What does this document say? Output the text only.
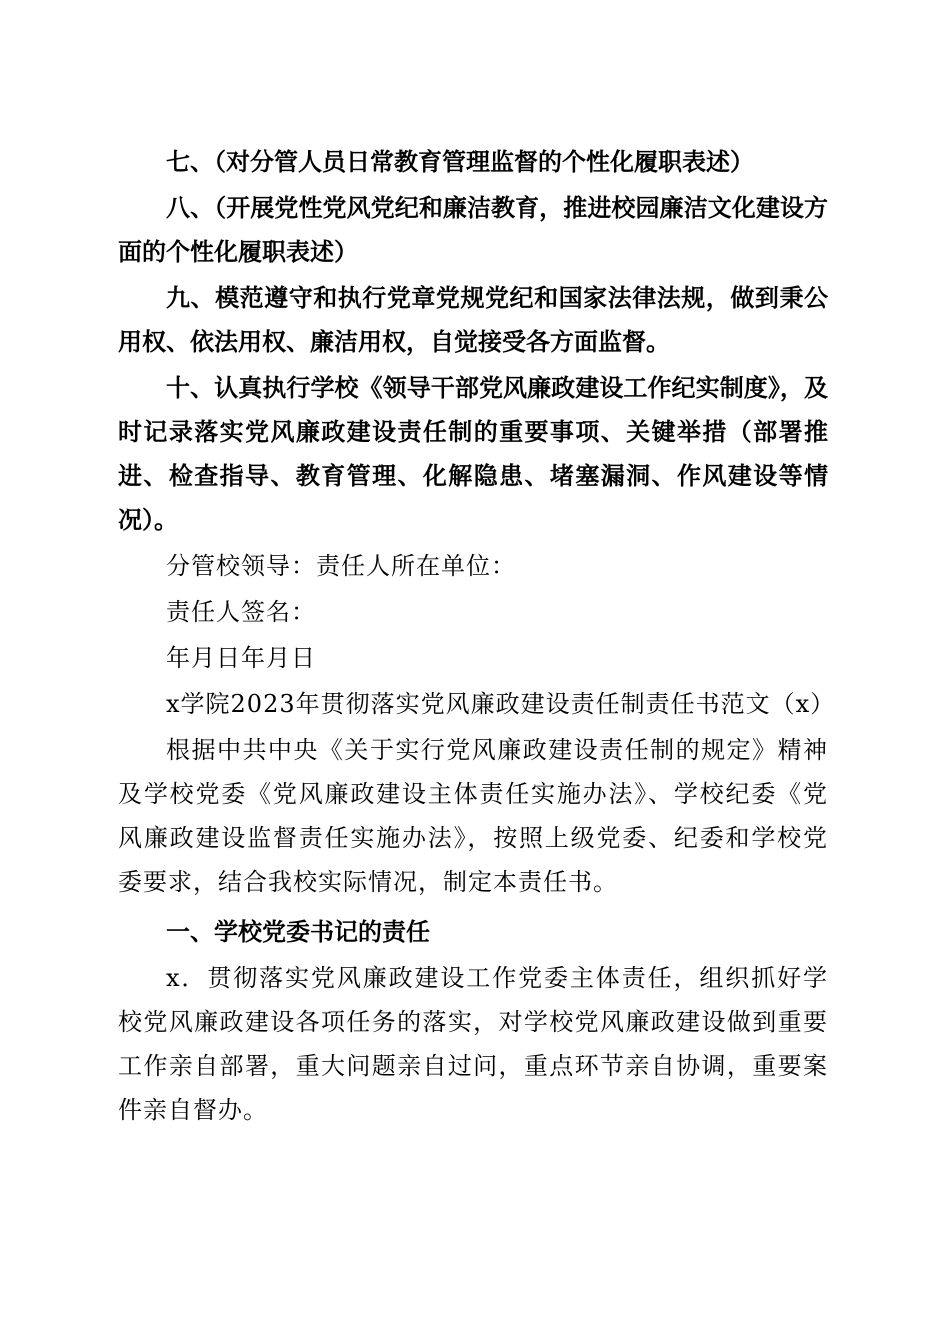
七、（对分管人员日常教育管理监督的个性化履职表述）

八、（开展党性党风党纪和廉洁教育，推进校园廉洁文化建设方面的个性化履职表述）

九、模范遵守和执行党章党规党纪和国家法律法规，做到秉公用权、依法用权、廉洁用权，自觉接受各方面监督。

十、认真执行学校《领导干部党风廉政建设工作纪实制度》，及时记录落实党风廉政建设责任制的重要事项、关键举措（部署推进、检查指导、教育管理、化解隐患、堵塞漏洞、作风建设等情况）。

分管校领导：责任人所在单位：

责任人签名：

年月日年月日

x学院2023年贯彻落实党风廉政建设责任制责任书范文（x）

根据中共中央《关于实行党风廉政建设责任制的规定》精神及学校党委《党风廉政建设主体责任实施办法》、学校纪委《党风廉政建设监督责任实施办法》，按照上级党委、纪委和学校党委要求，结合我校实际情况，制定本责任书。

一、学校党委书记的责任

x．贯彻落实党风廉政建设工作党委主体责任，组织抓好学校党风廉政建设各项任务的落实，对学校党风廉政建设做到重要工作亲自部署，重大问题亲自过问，重点环节亲自协调，重要案件亲自督办。
